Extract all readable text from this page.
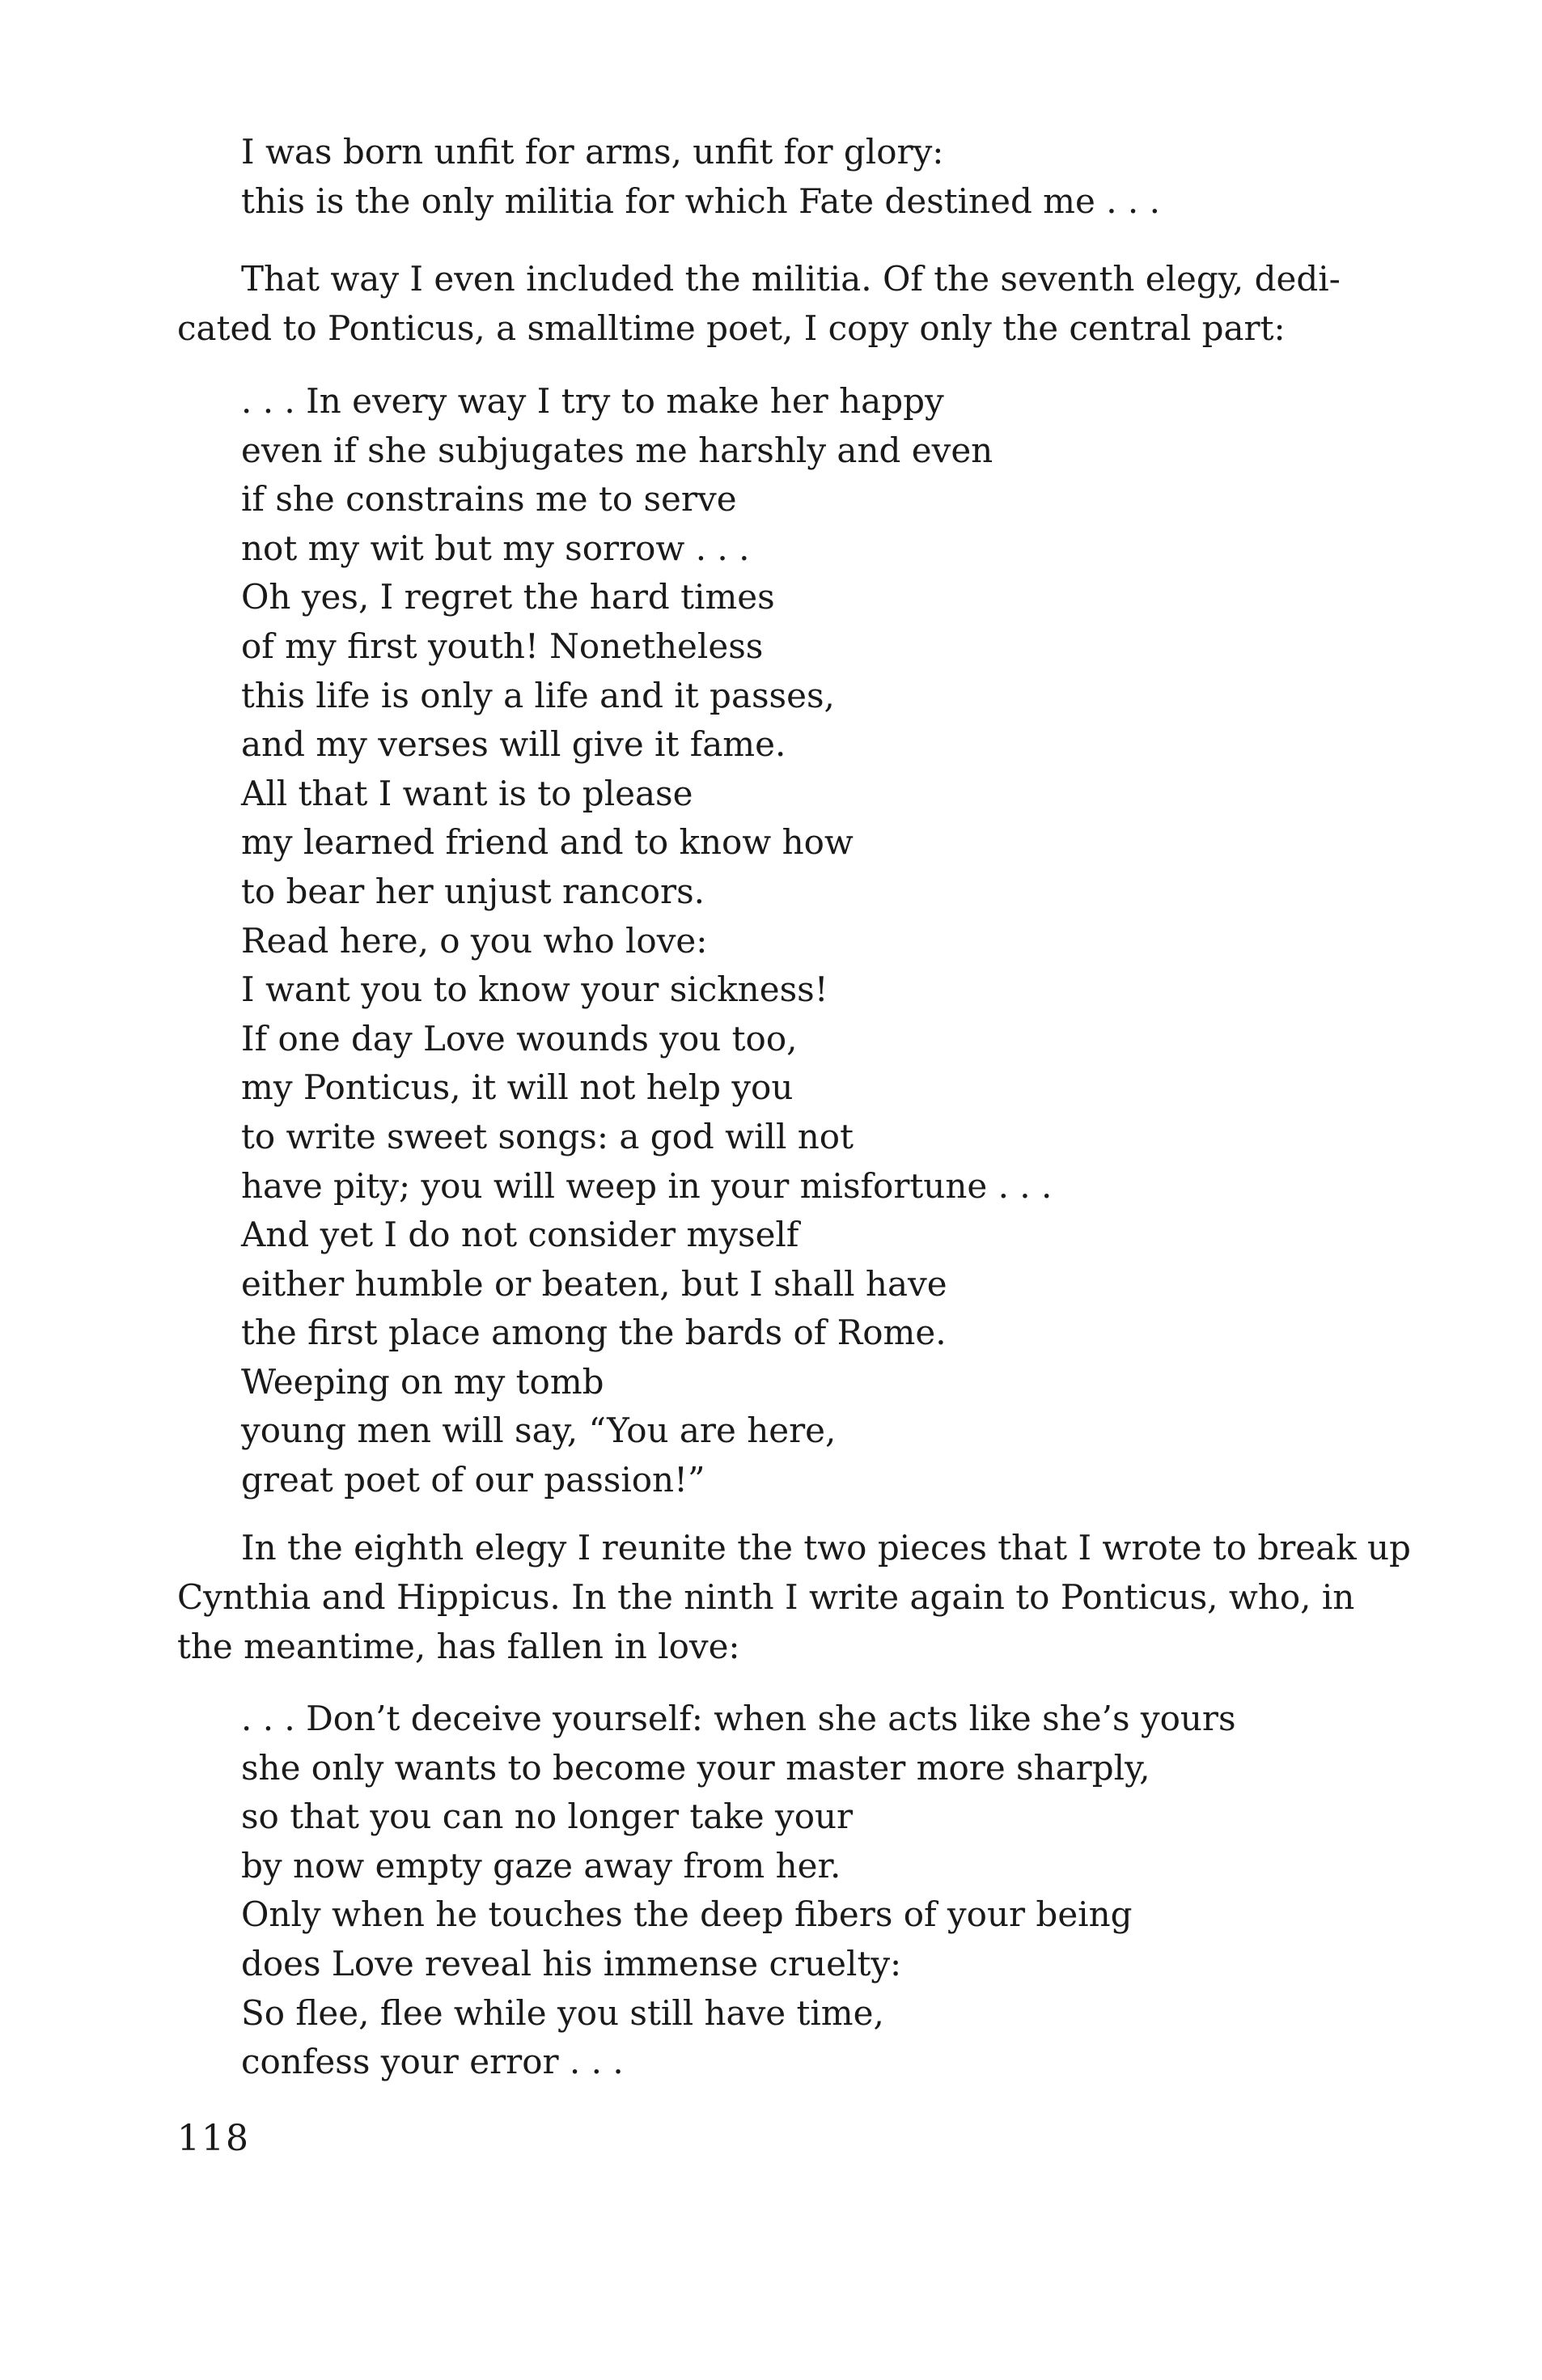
I was born unfit for arms, unfit for glory:
this is the only militia for which Fate destined me . . .
That way I even included the militia. Of the seventh elegy, dedi-
cated to Ponticus, a smalltime poet, I copy only the central part:
. . . In every way I try to make her happy
even if she subjugates me harshly and even
if she constrains me to serve
not my wit but my sorrow . . .
Oh yes, I regret the hard times
of my first youth! Nonetheless
this life is only a life and it passes,
and my verses will give it fame.
All that I want is to please
my learned friend and to know how
to bear her unjust rancors.
Read here, o you who love:
I want you to know your sickness!
If one day Love wounds you too,
my Ponticus, it will not help you
to write sweet songs: a god will not
have pity; you will weep in your misfortune . . .
And yet I do not consider myself
either humble or beaten, but I shall have
the first place among the bards of Rome.
Weeping on my tomb
young men will say, “You are here,
great poet of our passion!”
In the eighth elegy I reunite the two pieces that I wrote to break up
Cynthia and Hippicus. In the ninth I write again to Ponticus, who, in
the meantime, has fallen in love:
. . . Don’t deceive yourself: when she acts like she’s yours
she only wants to become your master more sharply,
so that you can no longer take your
by now empty gaze away from her.
Only when he touches the deep fibers of your being
does Love reveal his immense cruelty:
So flee, flee while you still have time,
confess your error . . .
118
